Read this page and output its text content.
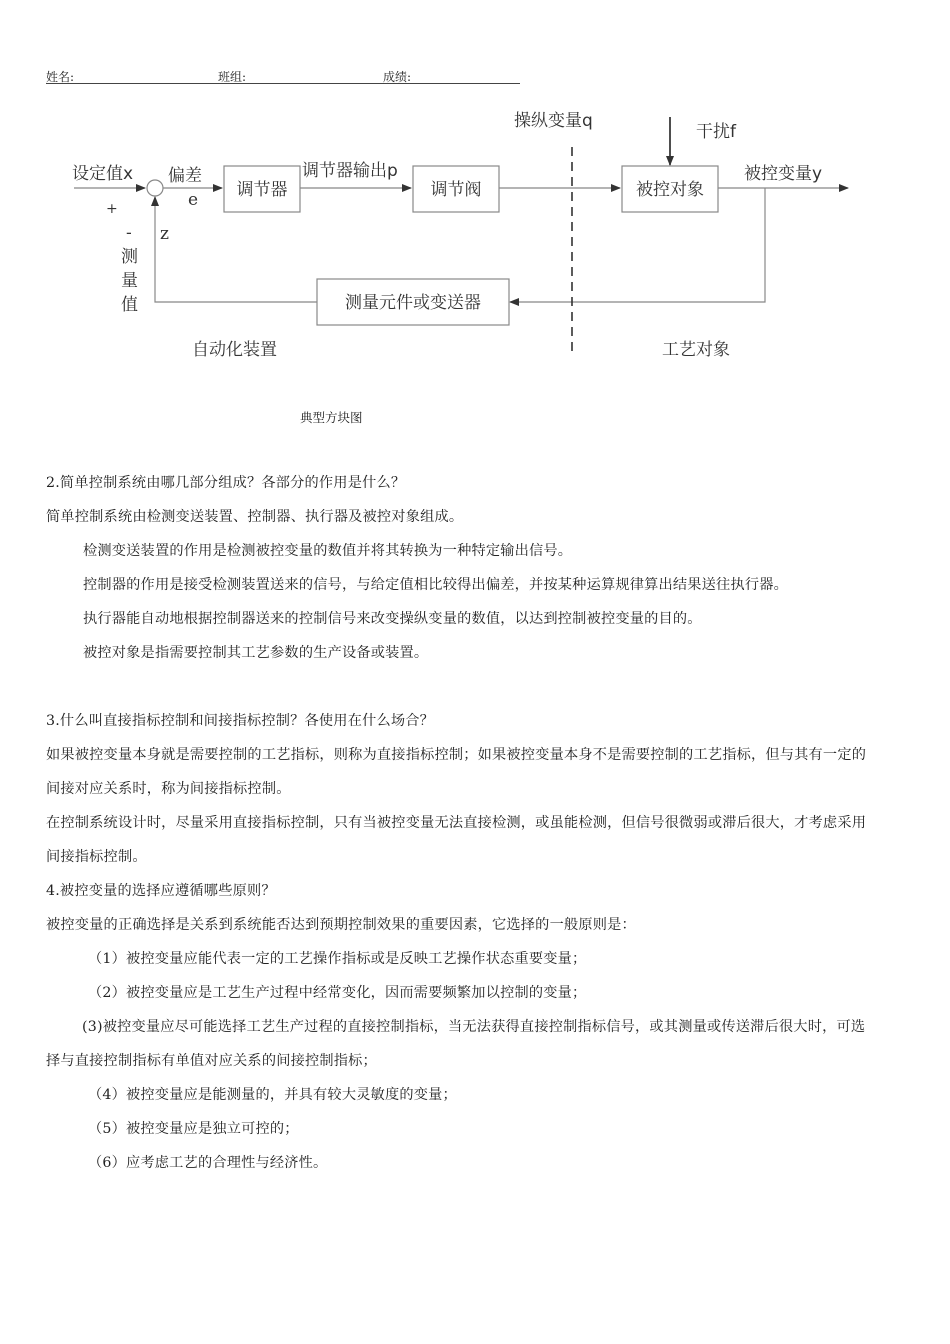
姓名:	班组:	成绩:
设定值x 偏差
e
+
- z
测
量
值
调节器
调节器输出p
调节阀
操纵变量q
干扰f
被控对象
被控变量y
测量元件或变送器
自动化装置	工艺对象
典型方块图

2.简单控制系统由哪几部分组成？各部分的作用是什么？

简单控制系统由检测变送装置、控制器、执行器及被控对象组成。

检测变送装置的作用是检测被控变量的数值并将其转换为一种特定输出信号。

控制器的作用是接受检测装置送来的信号，与给定值相比较得出偏差，并按某种运算规律算出结果送往执行器。

执行器能自动地根据控制器送来的控制信号来改变操纵变量的数值，以达到控制被控变量的目的。

被控对象是指需要控制其工艺参数的生产设备或装置。

3.什么叫直接指标控制和间接指标控制？各使用在什么场合？

如果被控变量本身就是需要控制的工艺指标，则称为直接指标控制；如果被控变量本身不是需要控制的工艺指标，但与其有一定的间接对应关系时，称为间接指标控制。

在控制系统设计时，尽量采用直接指标控制，只有当被控变量无法直接检测，或虽能检测，但信号很微弱或滞后很大，才考虑采用间接指标控制。

4.被控变量的选择应遵循哪些原则？

被控变量的正确选择是关系到系统能否达到预期控制效果的重要因素，它选择的一般原则是：

（1）被控变量应能代表一定的工艺操作指标或是反映工艺操作状态重要变量；

（2）被控变量应是工艺生产过程中经常变化，因而需要频繁加以控制的变量；

(3)被控变量应尽可能选择工艺生产过程的直接控制指标，当无法获得直接控制指标信号，或其测量或传送滞后很大时，可选择与直接控制指标有单值对应关系的间接控制指标；

（4）被控变量应是能测量的，并具有较大灵敏度的变量；

（5）被控变量应是独立可控的；

（6）应考虑工艺的合理性与经济性。
